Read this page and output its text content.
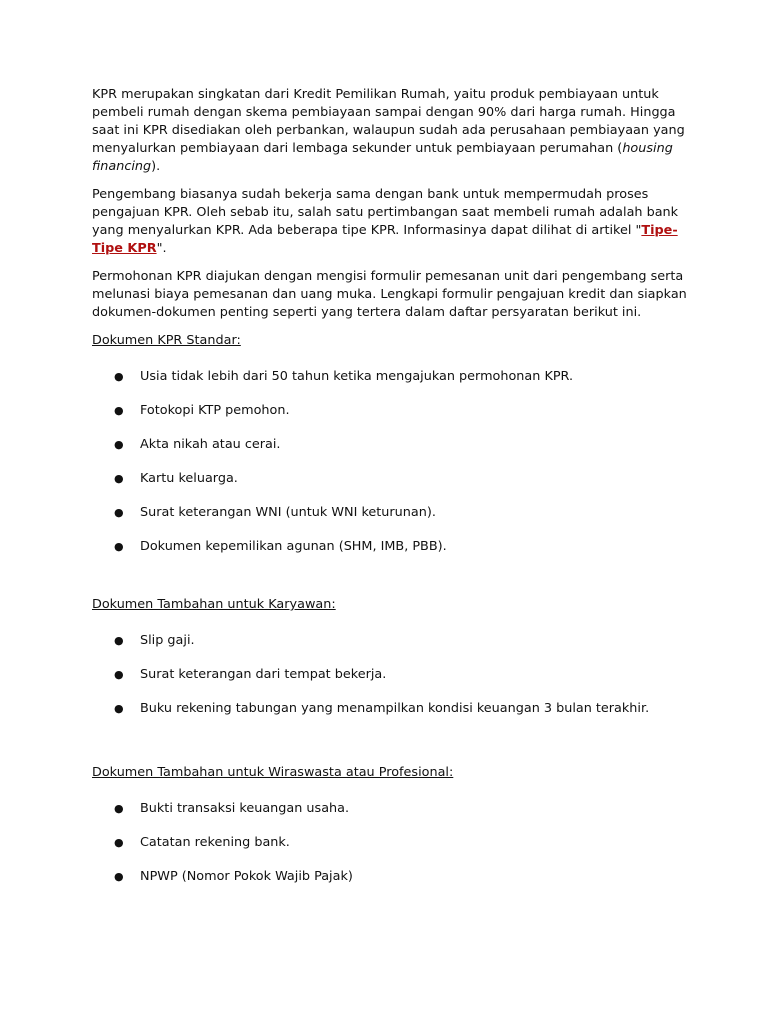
KPR merupakan singkatan dari Kredit Pemilikan Rumah, yaitu produk pembiayaan untuk pembeli rumah dengan skema pembiayaan sampai dengan 90% dari harga rumah. Hingga saat ini KPR disediakan oleh perbankan, walaupun sudah ada perusahaan pembiayaan yang menyalurkan pembiayaan dari lembaga sekunder untuk pembiayaan perumahan (housing financing).

Pengembang biasanya sudah bekerja sama dengan bank untuk mempermudah proses pengajuan KPR. Oleh sebab itu, salah satu pertimbangan saat membeli rumah adalah bank yang menyalurkan KPR. Ada beberapa tipe KPR. Informasinya dapat dilihat di artikel "Tipe-Tipe KPR".

Permohonan KPR diajukan dengan mengisi formulir pemesanan unit dari pengembang serta melunasi biaya pemesanan dan uang muka. Lengkapi formulir pengajuan kredit dan siapkan dokumen-dokumen penting seperti yang tertera dalam daftar persyaratan berikut ini.

Dokumen KPR Standar:
● Usia tidak lebih dari 50 tahun ketika mengajukan permohonan KPR.
● Fotokopi KTP pemohon.
● Akta nikah atau cerai.
● Kartu keluarga.
● Surat keterangan WNI (untuk WNI keturunan).
● Dokumen kepemilikan agunan (SHM, IMB, PBB).
Dokumen Tambahan untuk Karyawan:
● Slip gaji.
● Surat keterangan dari tempat bekerja.
● Buku rekening tabungan yang menampilkan kondisi keuangan 3 bulan terakhir.
Dokumen Tambahan untuk Wiraswasta atau Profesional:
● Bukti transaksi keuangan usaha.
● Catatan rekening bank.
● NPWP (Nomor Pokok Wajib Pajak)
